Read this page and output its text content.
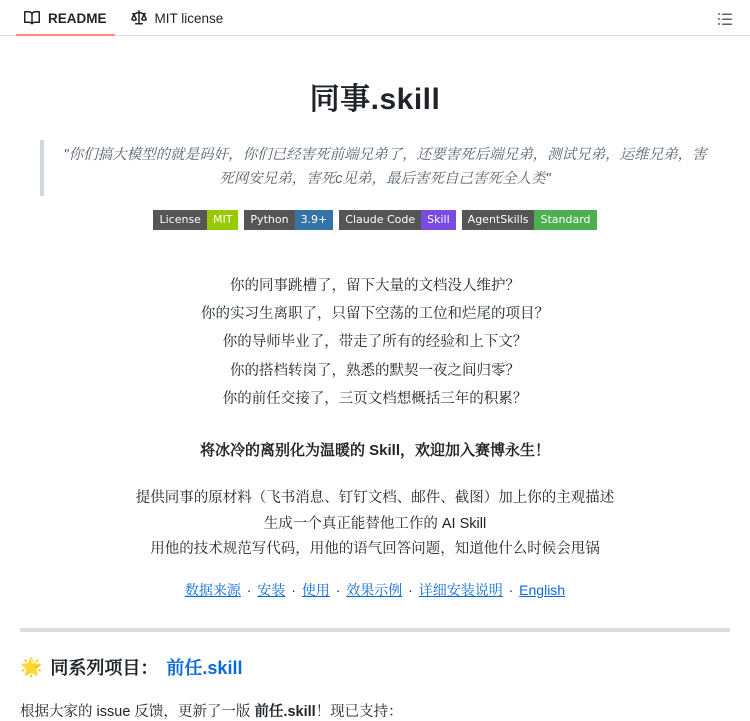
README	MIT license
同事.skill
"你们搞大模型的就是码奸，你们已经害死前端兄弟了，还要害死后端兄弟，测试兄弟，运维兄弟，害死网安兄弟，害死c见弟，最后害死自己害死全人类"
License	MIT	Python	3.9+	Claude Code	Skill	AgentSkills	Standard
你的同事跳槽了，留下大量的文档没人维护？
你的实习生离职了，只留下空荡的工位和烂尾的项目？
你的导师毕业了，带走了所有的经验和上下文？
你的搭档转岗了，熟悉的默契一夜之间归零？
你的前任交接了，三页文档想概括三年的积累？
将冰冷的离别化为温暖的 Skill，欢迎加入赛博永生！
提供同事的原材料（飞书消息、钉钉文档、邮件、截图）加上你的主观描述
生成一个真正能替他工作的 AI Skill
用他的技术规范写代码，用他的语气回答问题，知道他什么时候会甩锅
数据来源 · 安装 · 使用 · 效果示例 · 详细安装说明 · English
🌟 同系列项目： 前任.skill
根据大家的 issue 反馈，更新了一版 前任.skill！现已支持：
